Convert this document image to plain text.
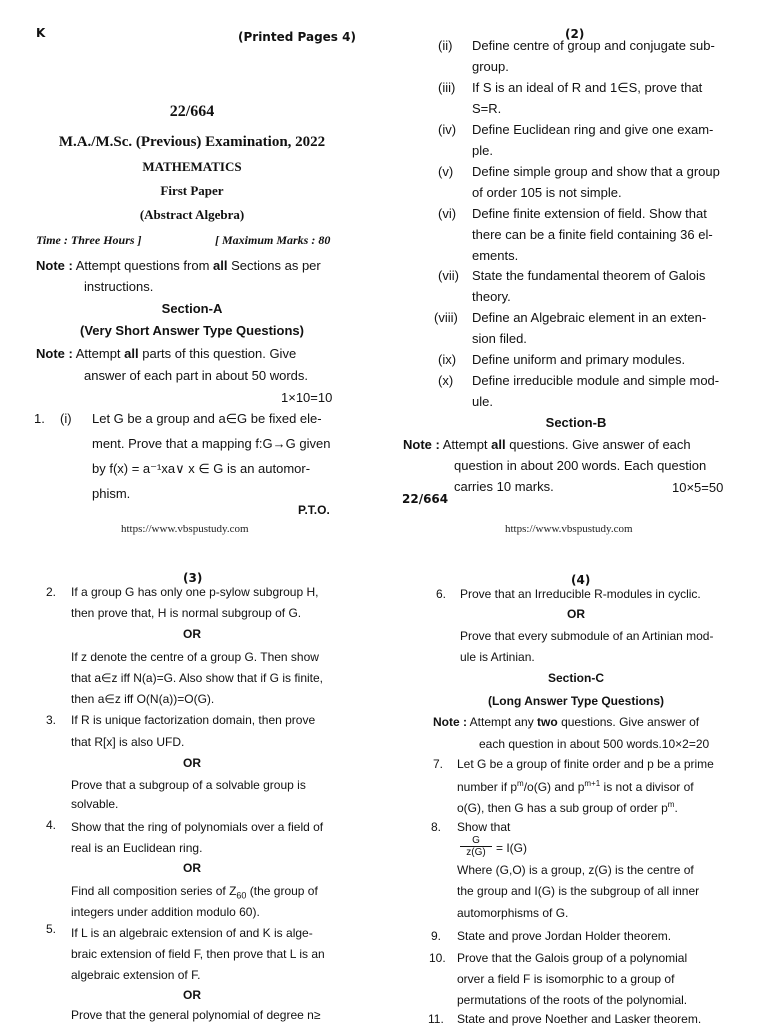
K	(Printed Pages 4)
22/664
M.A./M.Sc. (Previous) Examination, 2022
MATHEMATICS
First Paper
(Abstract Algebra)
Time : Three Hours ]	[ Maximum Marks : 80
Note : Attempt questions from all Sections as per
instructions.
Section-A
(Very Short Answer Type Questions)
Note : Attempt all parts of this question. Give
answer of each part in about 50 words.
1×10=10
1. (i) Let G be a group and a∈G be fixed ele-
ment. Prove that a mapping f:G→G given
by f(x) = a⁻¹xa∨ x ∈ G is an automor-
phism.
P.T.O.
https://www.vbspustudy.com
(2)
(ii) Define centre of group and conjugate sub-
group.
(iii) If S is an ideal of R and 1∈S, prove that
S=R.
(iv) Define Euclidean ring and give one exam-
ple.
(v) Define simple group and show that a group
of order 105 is not simple.
(vi) Define finite extension of field. Show that
there can be a finite field containing 36 el-
ements.
(vii) State the fundamental theorem of Galois
theory.
(viii) Define an Algebraic element in an exten-
sion filed.
(ix) Define uniform and primary modules.
(x) Define irreducible module and simple mod-
ule.
Section-B
Note : Attempt all questions. Give answer of each
question in about 200 words. Each question
carries 10 marks.	10×5=50
22/664
https://www.vbspustudy.com
(3)
2. If a group G has only one p-sylow subgroup H,
then prove that, H is normal subgroup of G.
OR
If z denote the centre of a group G. Then show
that a∈z iff N(a)=G. Also show that if G is finite,
then a∈z iff O(N(a))=O(G).
3. If R is unique factorization domain, then prove
that R[x] is also UFD.
OR
Prove that a subgroup of a solvable group is
solvable.
4. Show that the ring of polynomials over a field of
real is an Euclidean ring.
OR
Find all composition series of $Z_{60}$ (the group of
integers under addition modulo 60).
5. If L is an algebraic extension of and K is alge-
braic extension of field F, then prove that L is an
algebraic extension of F.
OR
Prove that the general polynomial of degree n≥
(4)
6. Prove that an Irreducible R-modules in cyclic.
OR
Prove that every submodule of an Artinian mod-
ule is Artinian.
Section-C
(Long Answer Type Questions)
Note : Attempt any two questions. Give answer of
each question in about 500 words.10×2=20
7. Let G be a group of finite order and p be a prime
number if $p^m/o(G)$ and $p^{m+1}$ is not a divisor of
o(G), then G has a sub group of order $p^m$.
8. Show that
$\frac{G}{z(G)} = I(G)$
Where (G,O) is a group, z(G) is the centre of
the group and I(G) is the subgroup of all inner
automorphisms of G.
9. State and prove Jordan Holder theorem.
10. Prove that the Galois group of a polynomial
orver a field F is isomorphic to a group of
permutations of the roots of the polynomial.
11. State and prove Noether and Lasker theorem.
